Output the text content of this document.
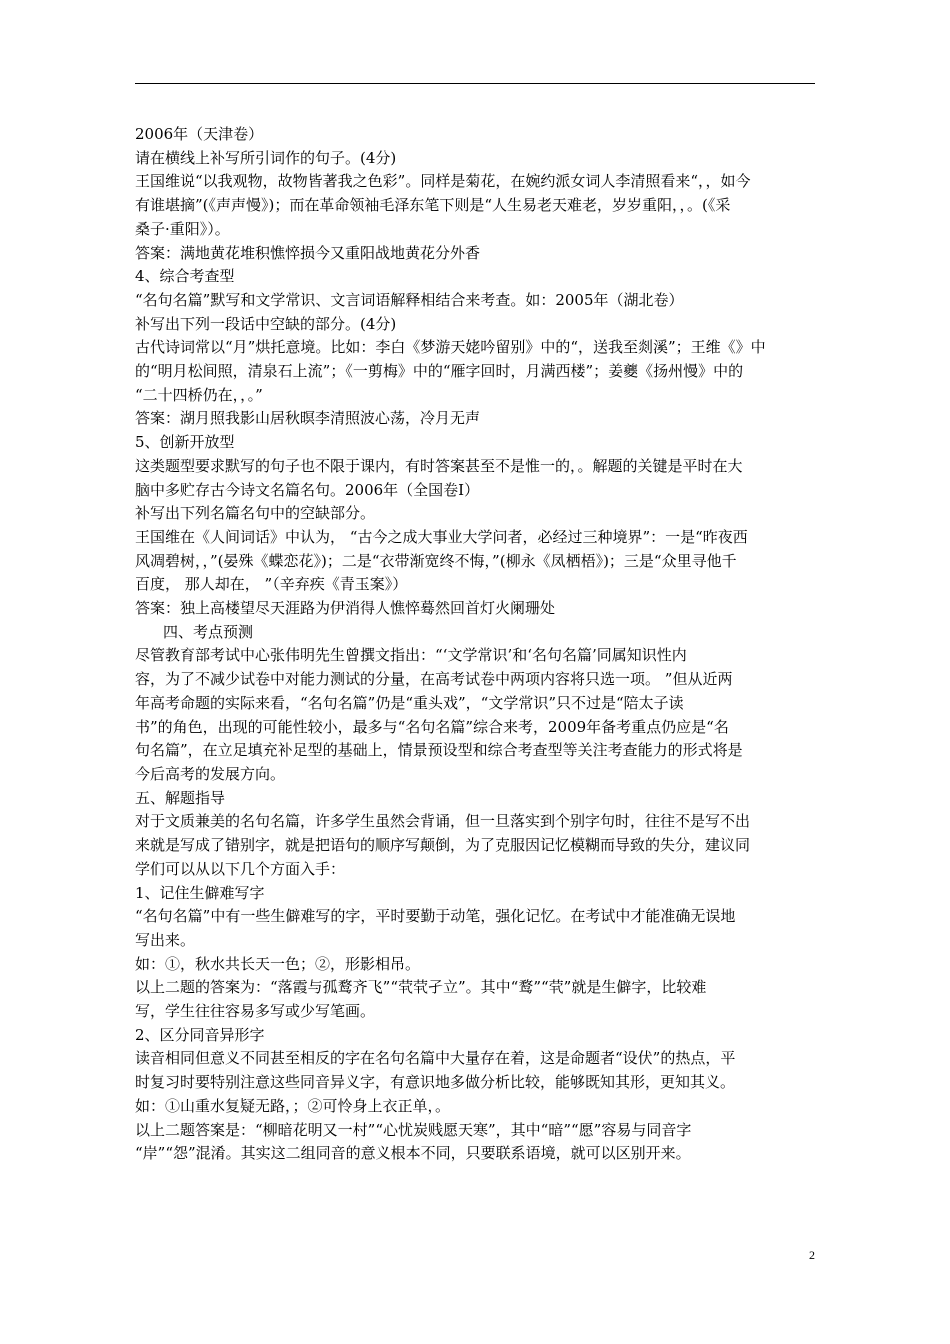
2006年（天津卷）

请在横线上补写所引词作的句子。(4分)

王国维说“以我观物，故物皆著我之色彩”。同样是菊花，在婉约派女词人李清照看来“，，如今

有谁堪摘”(《声声慢》)；而在革命领袖毛泽东笔下则是“人生易老天难老，岁岁重阳，，。(《采

桑子·重阳》）。

答案：满地黄花堆积憔悴损今又重阳战地黄花分外香

4、综合考查型

“名句名篇”默写和文学常识、文言词语解释相结合来考查。如：2005年（湖北卷）

补写出下列一段话中空缺的部分。(4分)

古代诗词常以“月”烘托意境。比如：李白《梦游天姥吟留别》中的“，送我至剡溪”；王维《》中

的“明月松间照，清泉石上流”；《一剪梅》中的“雁字回时，月满西楼”；姜夔《扬州慢》中的

“二十四桥仍在，，。”

答案：湖月照我影山居秋暝李清照波心荡，冷月无声

5、创新开放型

这类题型要求默写的句子也不限于课内，有时答案甚至不是惟一的，。解题的关键是平时在大

脑中多贮存古今诗文名篇名句。2006年（全国卷Ⅰ）

补写出下列名篇名句中的空缺部分。

王国维在《人间词话》中认为， “古今之成大事业大学问者，必经过三种境界”：一是“昨夜西

风凋碧树，，”(晏殊《蝶恋花》)；二是“衣带渐宽终不悔，”(柳永《凤栖梧》)；三是“众里寻他千

百度， 那人却在， ”（辛弃疾《青玉案》）

答案：独上高楼望尽天涯路为伊消得人憔悴蓦然回首灯火阑珊处

四、考点预测

尽管教育部考试中心张伟明先生曾撰文指出：“‘文学常识’和‘名句名篇’同属知识性内

容，为了不减少试卷中对能力测试的分量，在高考试卷中两项内容将只选一项。 ”但从近两

年高考命题的实际来看，“名句名篇”仍是“重头戏”，“文学常识”只不过是“陪太子读

书”的角色，出现的可能性较小，最多与“名句名篇”综合来考，2009年备考重点仍应是“名

句名篇”，在立足填充补足型的基础上，情景预设型和综合考查型等关注考查能力的形式将是

今后高考的发展方向。

五、解题指导

对于文质兼美的名句名篇，许多学生虽然会背诵，但一旦落实到个别字句时，往往不是写不出

来就是写成了错别字，就是把语句的顺序写颠倒，为了克服因记忆模糊而导致的失分，建议同

学们可以从以下几个方面入手：

1、记住生僻难写字

“名句名篇”中有一些生僻难写的字，平时要勤于动笔，强化记忆。在考试中才能准确无误地

写出来。

如：①，秋水共长天一色；②，形影相吊。

以上二题的答案为：“落霞与孤鹜齐飞”“茕茕孑立”。其中“鹜”“茕”就是生僻字，比较难

写，学生往往容易多写或少写笔画。

2、区分同音异形字

读音相同但意义不同甚至相反的字在名句名篇中大量存在着，这是命题者“设伏”的热点，平

时复习时要特别注意这些同音异义字，有意识地多做分析比较，能够既知其形，更知其义。

如：①山重水复疑无路，；②可怜身上衣正单，。

以上二题答案是：“柳暗花明又一村”“心忧炭贱愿天寒”，其中“暗”“愿”容易与同音字

“岸”“怨”混淆。其实这二组同音的意义根本不同，只要联系语境，就可以区别开来。

2
